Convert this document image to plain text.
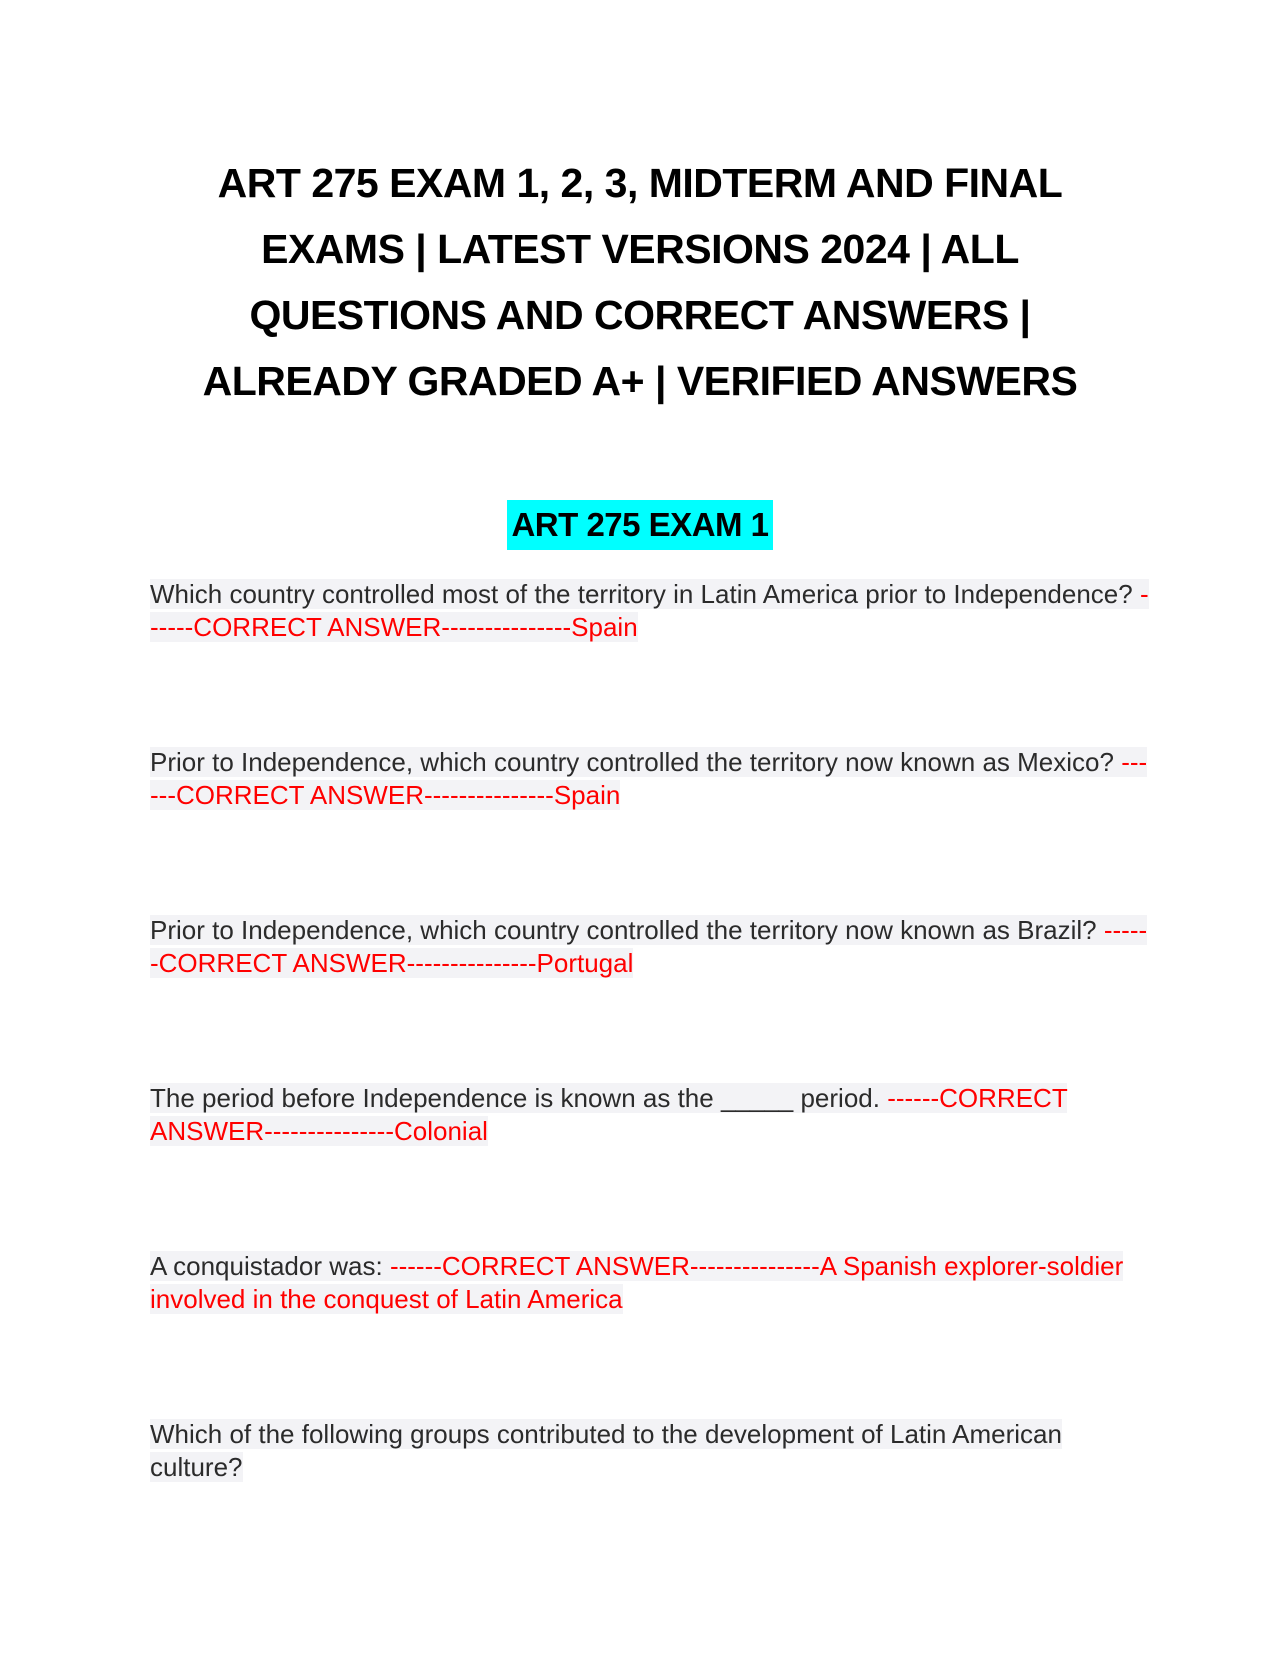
ART 275 EXAM 1, 2, 3, MIDTERM AND FINAL
EXAMS | LATEST VERSIONS 2024 | ALL
QUESTIONS AND CORRECT ANSWERS |
ALREADY GRADED A+ | VERIFIED ANSWERS
ART 275 EXAM 1

Which country controlled most of the territory in Latin America prior to Independence? ------CORRECT ANSWER---------------Spain

Prior to Independence, which country controlled the territory now known as Mexico? ------CORRECT ANSWER---------------Spain

Prior to Independence, which country controlled the territory now known as Brazil? ------CORRECT ANSWER---------------Portugal

The period before Independence is known as the _____ period. ------CORRECT ANSWER---------------Colonial

A conquistador was: ------CORRECT ANSWER---------------A Spanish explorer-soldier involved in the conquest of Latin America

Which of the following groups contributed to the development of Latin American culture?
